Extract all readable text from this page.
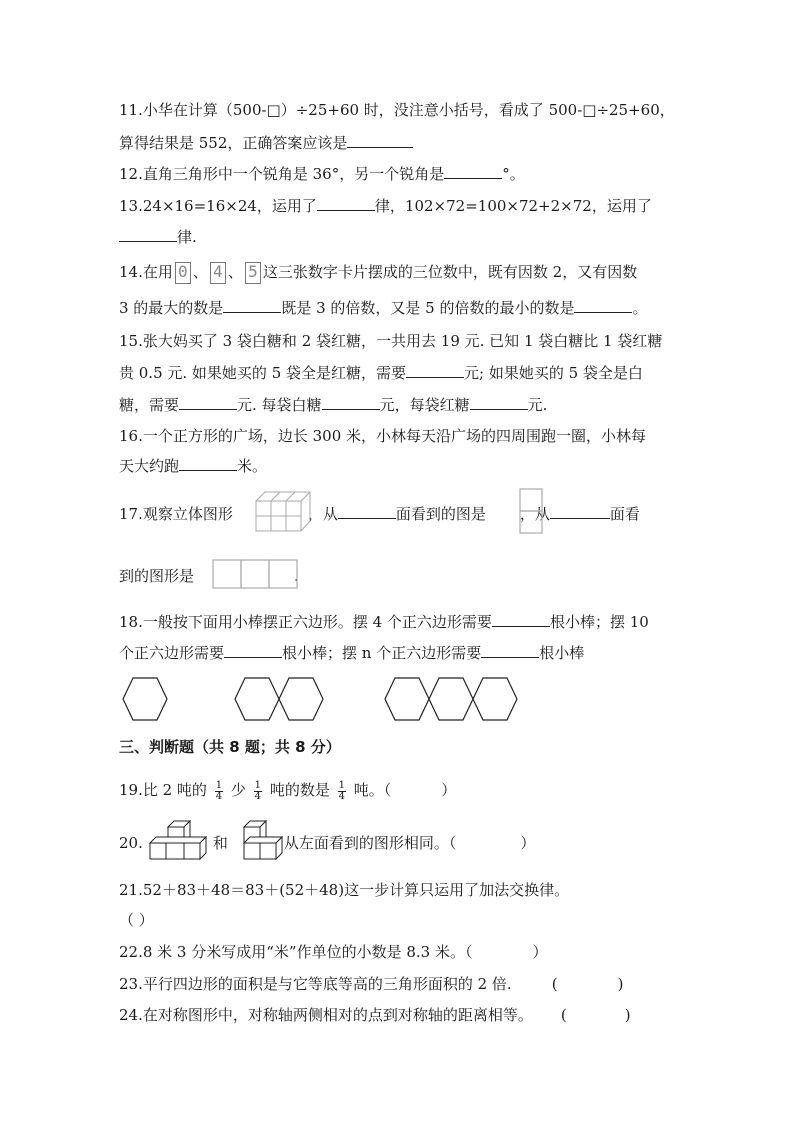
11.小华在计算（500-□）÷25+60 时，没注意小括号，看成了 500-□÷25+60，
算得结果是 552，正确答案应该是
12.直角三角形中一个锐角是 36°，另一个锐角是	°。
13.24×16=16×24，运用了	律，102×72=100×72+2×72，运用了
律.
14.在用 0 、 4 、 5 这三张数字卡片摆成的三位数中，既有因数 2，又有因数
3 的最大的数是	既是 3 的倍数，又是 5 的倍数的最小的数是	。
15.张大妈买了 3 袋白糖和 2 袋红糖，一共用去 19 元. 已知 1 袋白糖比 1 袋红糖
贵 0.5 元. 如果她买的 5 袋全是红糖，需要	元; 如果她买的 5 袋全是白
糖，需要	元. 每袋白糖	元，每袋红糖	元.
16.一个正方形的广场，边长 300 米，小林每天沿广场的四周围跑一圈，小林每
天大约跑	米。
17.观察立体图形	，从	面看到的图是 ，从	面看
到的图形是	.
18.一般按下面用小棒摆正六边形。摆 4 个正六边形需要	根小棒；摆 10
个正六边形需要	根小棒；摆 n 个正六边形需要	根小棒
三、判断题（共 8 题；共 8 分）
19.比 2 吨的 $\frac{1}{4}$ 少 $\frac{1}{4}$ 吨的数是 $\frac{1}{4}$ 吨。（	）
20.	和	从左面看到的图形相同。（	）
21.52＋83＋48＝83＋(52＋48)这一步计算只运用了加法交换律。
（ ）
22.8 米 3 分米写成用“米”作单位的小数是 8.3 米。（	）
23.平行四边形的面积是与它等底等高的三角形面积的 2 倍.	(	)
24.在对称图形中，对称轴两侧相对的点到对称轴的距离相等。 (	)
